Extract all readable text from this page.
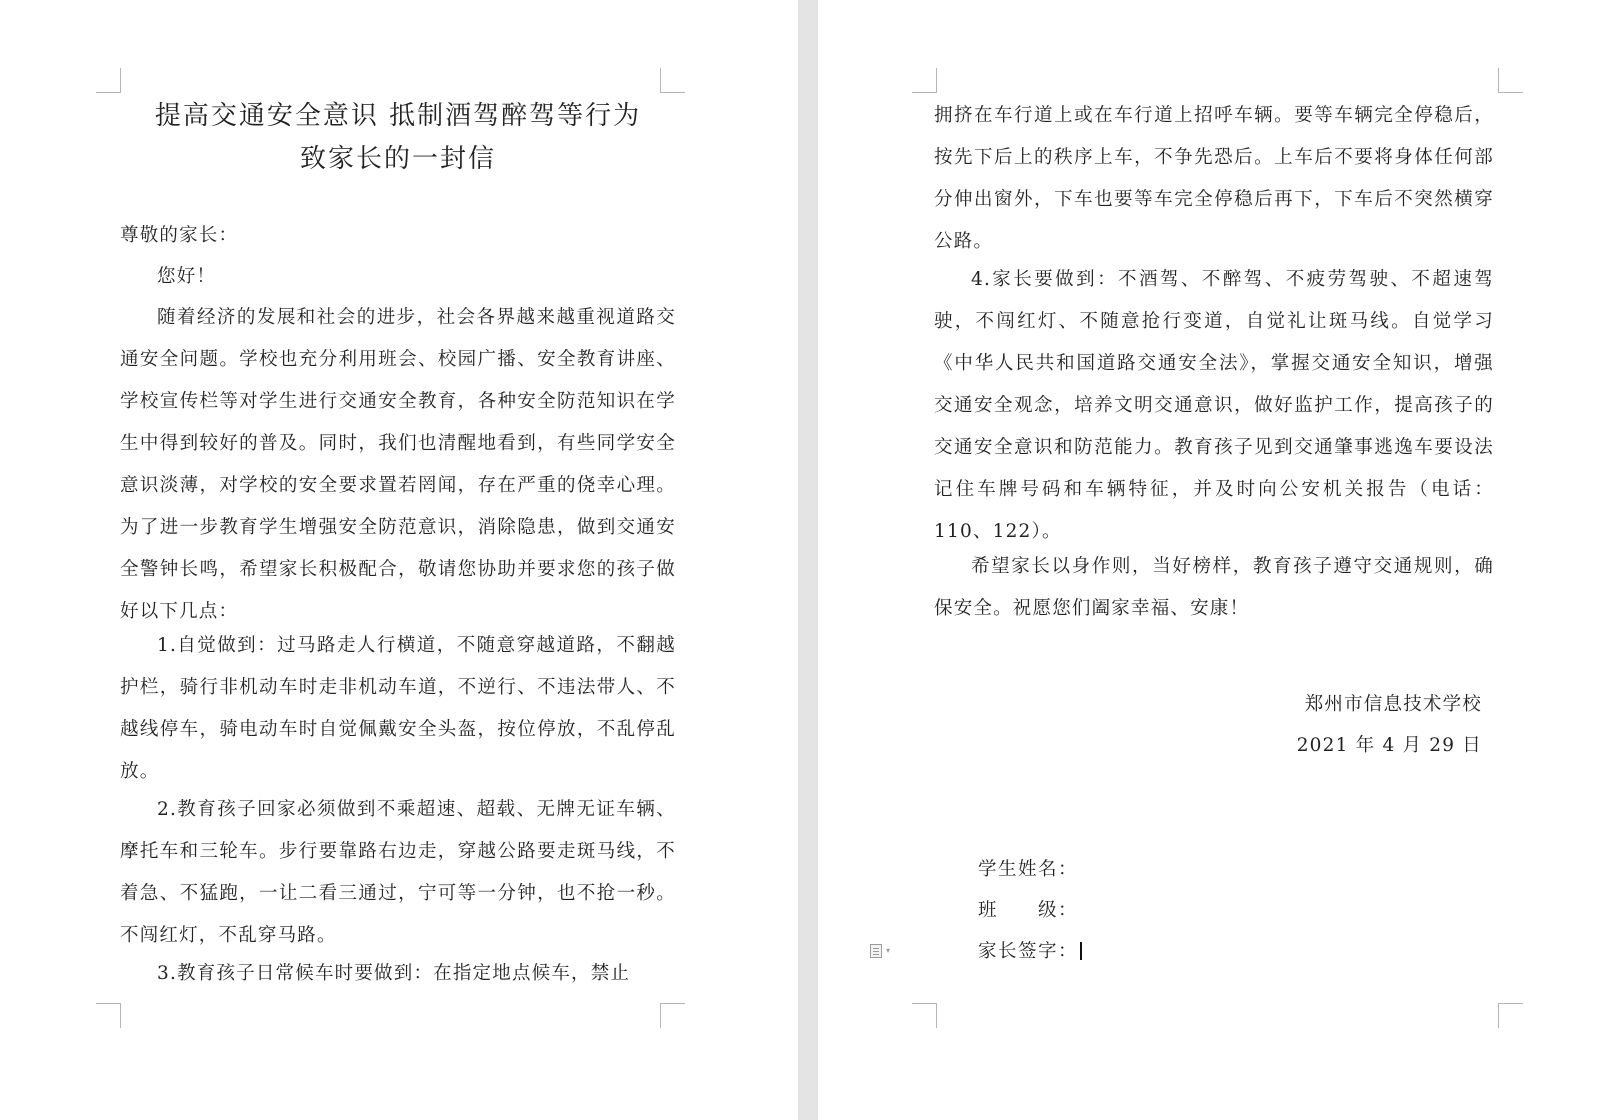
提高交通安全意识 抵制酒驾醉驾等行为
致家长的一封信

尊敬的家长：

您好！

随着经济的发展和社会的进步，社会各界越来越重视道路交通安全问题。学校也充分利用班会、校园广播、安全教育讲座、学校宣传栏等对学生进行交通安全教育，各种安全防范知识在学生中得到较好的普及。同时，我们也清醒地看到，有些同学安全意识淡薄，对学校的安全要求置若罔闻，存在严重的侥幸心理。为了进一步教育学生增强安全防范意识，消除隐患，做到交通安全警钟长鸣，希望家长积极配合，敬请您协助并要求您的孩子做好以下几点：

1.自觉做到：过马路走人行横道，不随意穿越道路，不翻越护栏，骑行非机动车时走非机动车道，不逆行、不违法带人、不越线停车，骑电动车时自觉佩戴安全头盔，按位停放，不乱停乱放。

2.教育孩子回家必须做到不乘超速、超载、无牌无证车辆、摩托车和三轮车。步行要靠路右边走，穿越公路要走斑马线，不着急、不猛跑，一让二看三通过，宁可等一分钟，也不抢一秒。不闯红灯，不乱穿马路。

3.教育孩子日常候车时要做到：在指定地点候车，禁止

拥挤在车行道上或在车行道上招呼车辆。要等车辆完全停稳后，按先下后上的秩序上车，不争先恐后。上车后不要将身体任何部分伸出窗外，下车也要等车完全停稳后再下，下车后不突然横穿公路。

4.家长要做到：不酒驾、不醉驾、不疲劳驾驶、不超速驾驶，不闯红灯、不随意抢行变道，自觉礼让斑马线。自觉学习《中华人民共和国道路交通安全法》，掌握交通安全知识，增强交通安全观念，培养文明交通意识，做好监护工作，提高孩子的交通安全意识和防范能力。教育孩子见到交通肇事逃逸车要设法记住车牌号码和车辆特征，并及时向公安机关报告（电话：110、122）。

希望家长以身作则，当好榜样，教育孩子遵守交通规则，确保安全。祝愿您们阖家幸福、安康！

郑州市信息技术学校

2021 年 4 月 29 日

学生姓名：

班　　级：

家长签字：

▾
